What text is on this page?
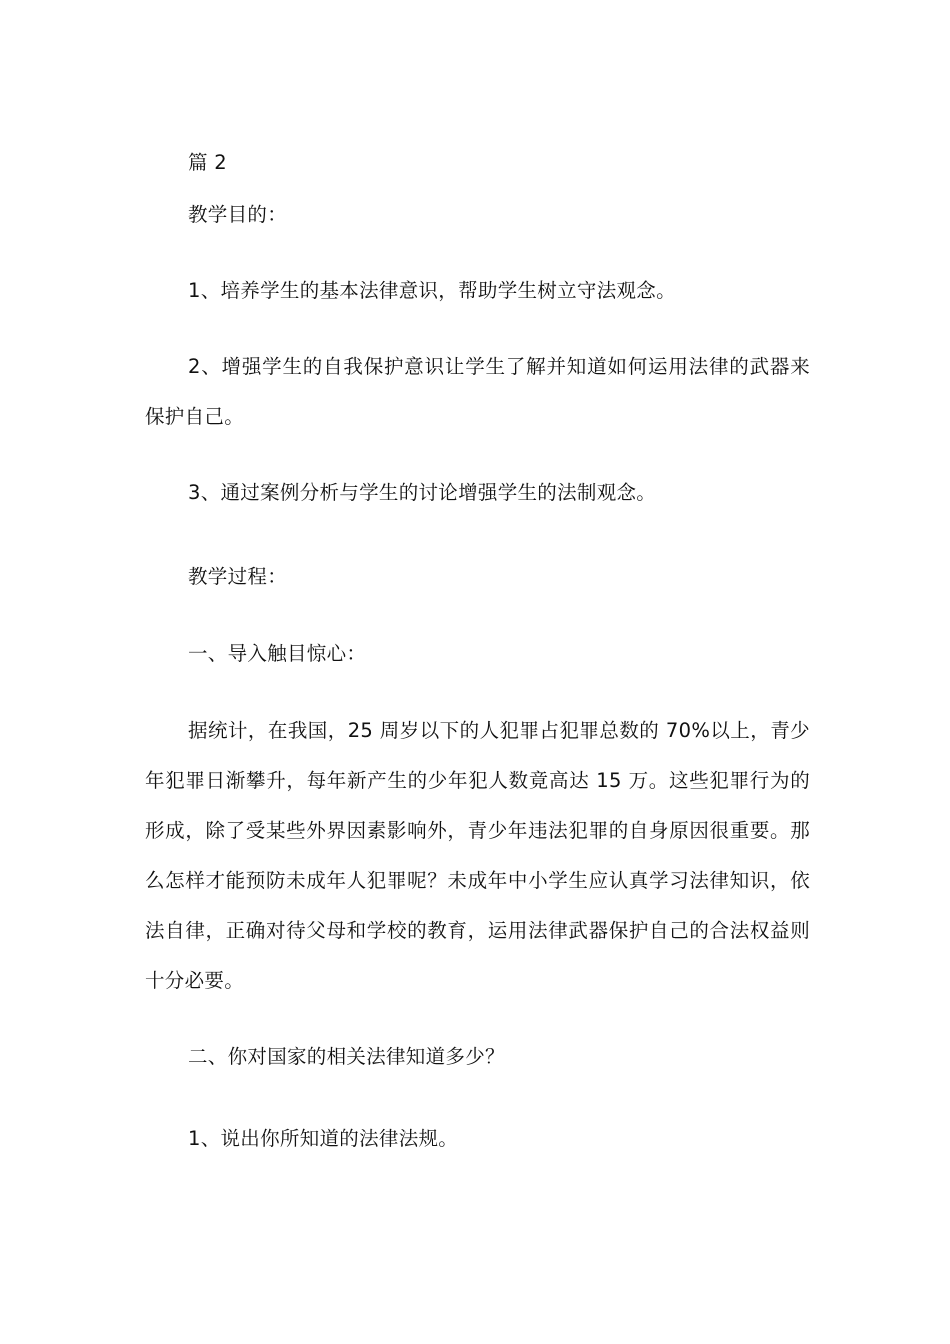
篇 2
教学目的：
1、培养学生的基本法律意识，帮助学生树立守法观念。
2、增强学生的自我保护意识让学生了解并知道如何运用法律的武器来保护自己。
3、通过案例分析与学生的讨论增强学生的法制观念。
教学过程：
一、导入触目惊心：
据统计，在我国，25 周岁以下的人犯罪占犯罪总数的 70%以上，青少年犯罪日渐攀升，每年新产生的少年犯人数竟高达 15 万。这些犯罪行为的形成，除了受某些外界因素影响外，青少年违法犯罪的自身原因很重要。那么怎样才能预防未成年人犯罪呢？未成年中小学生应认真学习法律知识，依法自律，正确对待父母和学校的教育，运用法律武器保护自己的合法权益则十分必要。
二、你对国家的相关法律知道多少？
1、说出你所知道的法律法规。
